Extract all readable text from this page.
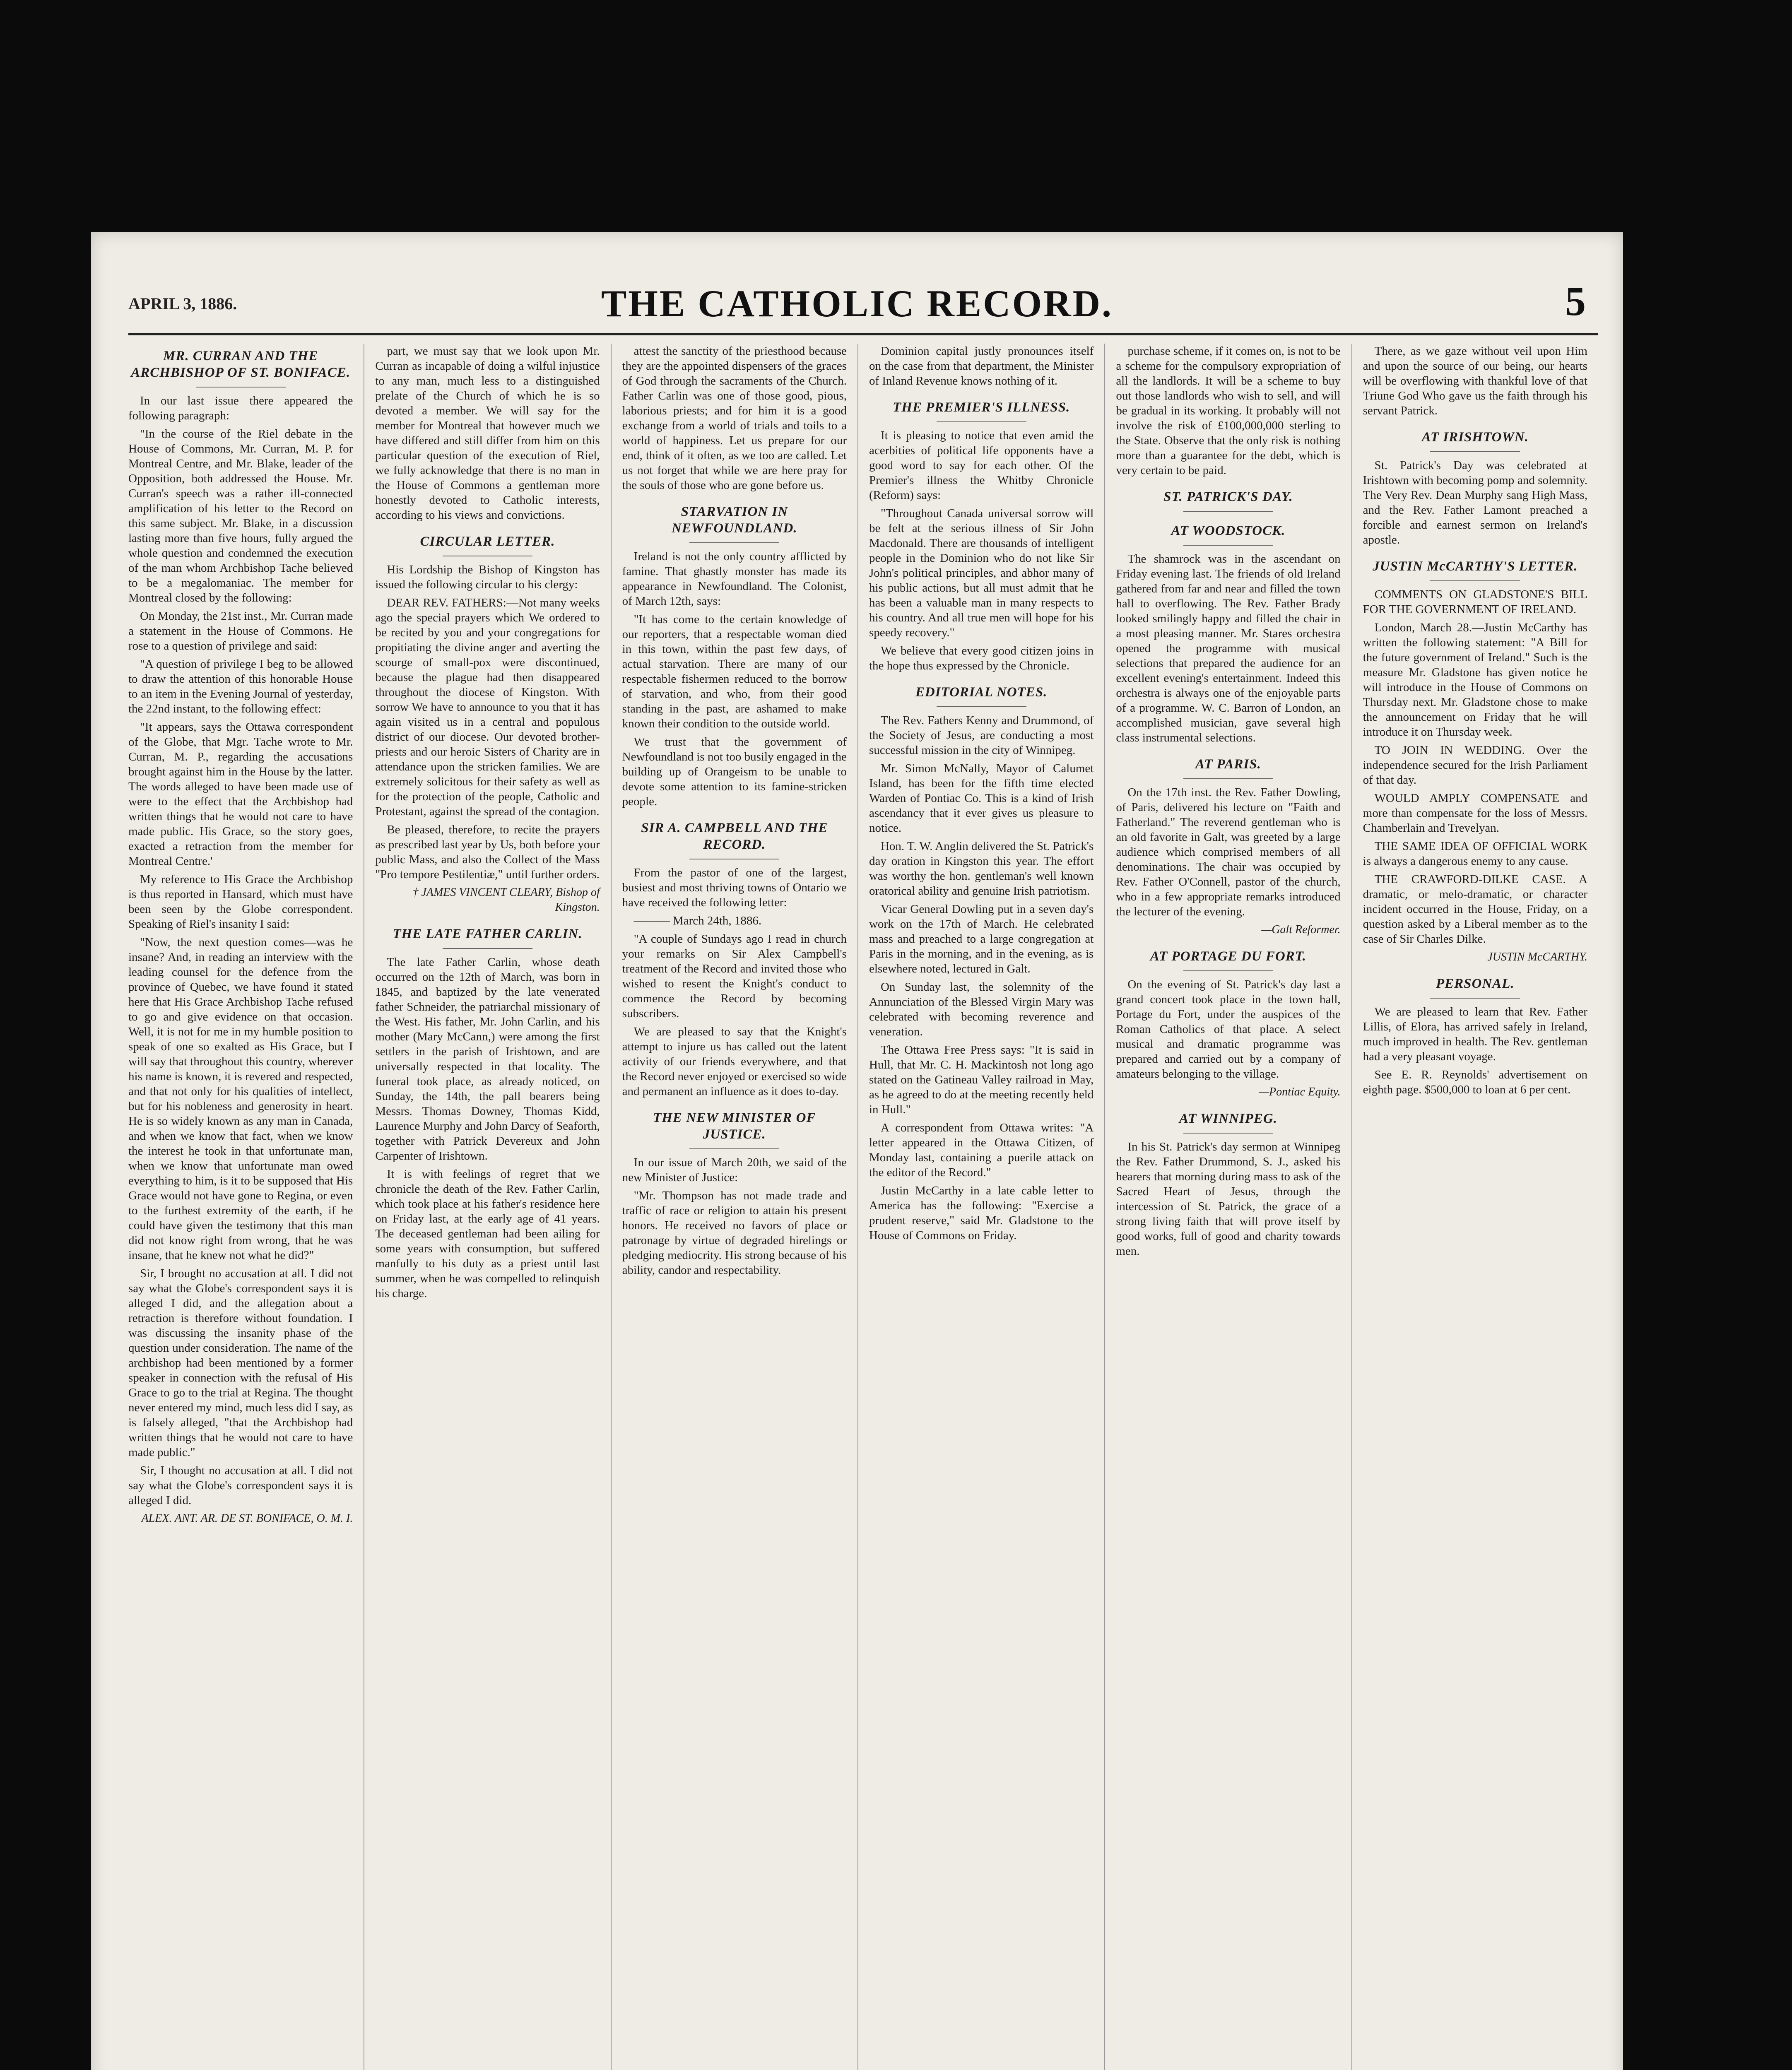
APRIL 3, 1886.	THE CATHOLIC RECORD.	5
MR. CURRAN AND THE ARCHBISHOP OF ST. BONIFACE.

In our last issue there appeared the following paragraph:

"In the course of the Riel debate in the House of Commons, Mr. Curran, M. P. for Montreal Centre, and Mr. Blake, leader of the Opposition, both addressed the House. Mr. Curran's speech was a rather ill-connected amplification of his letter to the Record on this same subject. Mr. Blake, in a discussion lasting more than five hours, fully argued the whole question and condemned the execution of the man whom Archbishop Tache believed to be a megalomaniac. The member for Montreal closed by the following:

On Monday, the 21st inst., Mr. Curran made a statement in the House of Commons. He rose to a question of privilege and said:

"A question of privilege I beg to be allowed to draw the attention of this honorable House to an item in the Evening Journal of yesterday, the 22nd instant, to the following effect:

"It appears, says the Ottawa correspondent of the Globe, that Mgr. Tache wrote to Mr. Curran, M. P., regarding the accusations brought against him in the House by the latter. The words alleged to have been made use of were to the effect that the Archbishop had written things that he would not care to have made public. His Grace, so the story goes, exacted a retraction from the member for Montreal Centre.'

My reference to His Grace the Archbishop is thus reported in Hansard, which must have been seen by the Globe correspondent. Speaking of Riel's insanity I said:

"Now, the next question comes—was he insane? And, in reading an interview with the leading counsel for the defence from the province of Quebec, we have found it stated here that His Grace Archbishop Tache refused to go and give evidence on that occasion. Well, it is not for me in my humble position to speak of one so exalted as His Grace, but I will say that throughout this country, wherever his name is known, it is revered and respected, and that not only for his qualities of intellect, but for his nobleness and generosity in heart. He is so widely known as any man in Canada, and when we know that fact, when we know the interest he took in that unfortunate man, when we know that unfortunate man owed everything to him, is it to be supposed that His Grace would not have gone to Regina, or even to the furthest extremity of the earth, if he could have given the testimony that this man did not know right from wrong, that he was insane, that he knew not what he did?"

Sir, I brought no accusation at all. I did not say what the Globe's correspondent says it is alleged I did, and the allegation about a retraction is therefore without foundation. I was discussing the insanity phase of the question under consideration. The name of the archbishop had been mentioned by a former speaker in connection with the refusal of His Grace to go to the trial at Regina. The thought never entered my mind, much less did I say, as is falsely alleged, "that the Archbishop had written things that he would not care to have made public."

Sir, I thought no accusation at all. I did not say what the Globe's correspondent says it is alleged I did.

ALEX. ANT. AR. DE ST. BONIFACE, O. M. I.

part, we must say that we look upon Mr. Curran as incapable of doing a wilful injustice to any man, much less to a distinguished prelate of the Church of which he is so devoted a member. We will say for the member for Montreal that however much we have differed and still differ from him on this particular question of the execution of Riel, we fully acknowledge that there is no man in the House of Commons a gentleman more honestly devoted to Catholic interests, according to his views and convictions.

CIRCULAR LETTER.

His Lordship the Bishop of Kingston has issued the following circular to his clergy:

DEAR REV. FATHERS:—Not many weeks ago the special prayers which We ordered to be recited by you and your congregations for propitiating the divine anger and averting the scourge of small-pox were discontinued, because the plague had then disappeared throughout the diocese of Kingston. With sorrow We have to announce to you that it has again visited us in a central and populous district of our diocese. Our devoted brother-priests and our heroic Sisters of Charity are in attendance upon the stricken families. We are extremely solicitous for their safety as well as for the protection of the people, Catholic and Protestant, against the spread of the contagion.

Be pleased, therefore, to recite the prayers as prescribed last year by Us, both before your public Mass, and also the Collect of the Mass "Pro tempore Pestilentiæ," until further orders.

† JAMES VINCENT CLEARY, Bishop of Kingston.
THE LATE FATHER CARLIN.

The late Father Carlin, whose death occurred on the 12th of March, was born in 1845, and baptized by the late venerated father Schneider, the patriarchal missionary of the West. His father, Mr. John Carlin, and his mother (Mary McCann,) were among the first settlers in the parish of Irishtown, and are universally respected in that locality. The funeral took place, as already noticed, on Sunday, the 14th, the pall bearers being Messrs. Thomas Downey, Thomas Kidd, Laurence Murphy and John Darcy of Seaforth, together with Patrick Devereux and John Carpenter of Irishtown.

It is with feelings of regret that we chronicle the death of the Rev. Father Carlin, which took place at his father's residence here on Friday last, at the early age of 41 years. The deceased gentleman had been ailing for some years with consumption, but suffered manfully to his duty as a priest until last summer, when he was compelled to relinquish his charge.

attest the sanctity of the priesthood because they are the appointed dispensers of the graces of God through the sacraments of the Church. Father Carlin was one of those good, pious, laborious priests; and for him it is a good exchange from a world of trials and toils to a world of happiness. Let us prepare for our end, think of it often, as we too are called. Let us not forget that while we are here pray for the souls of those who are gone before us.

STARVATION IN NEWFOUNDLAND.

Ireland is not the only country afflicted by famine. That ghastly monster has made its appearance in Newfoundland. The Colonist, of March 12th, says:

"It has come to the certain knowledge of our reporters, that a respectable woman died in this town, within the past few days, of actual starvation. There are many of our respectable fishermen reduced to the borrow of starvation, and who, from their good standing in the past, are ashamed to make known their condition to the outside world.

We trust that the government of Newfoundland is not too busily engaged in the building up of Orangeism to be unable to devote some attention to its famine-stricken people.

SIR A. CAMPBELL AND THE RECORD.

From the pastor of one of the largest, busiest and most thriving towns of Ontario we have received the following letter:

——— March 24th, 1886.

"A couple of Sundays ago I read in church your remarks on Sir Alex Campbell's treatment of the Record and invited those who wished to resent the Knight's conduct to commence the Record by becoming subscribers.

We are pleased to say that the Knight's attempt to injure us has called out the latent activity of our friends everywhere, and that the Record never enjoyed or exercised so wide and permanent an influence as it does to-day.

THE NEW MINISTER OF JUSTICE.

In our issue of March 20th, we said of the new Minister of Justice:

"Mr. Thompson has not made trade and traffic of race or religion to attain his present honors. He received no favors of place or patronage by virtue of degraded hirelings or pledging mediocrity. His strong because of his ability, candor and respectability.

Dominion capital justly pronounces itself on the case from that department, the Minister of Inland Revenue knows nothing of it.

THE PREMIER'S ILLNESS.

It is pleasing to notice that even amid the acerbities of political life opponents have a good word to say for each other. Of the Premier's illness the Whitby Chronicle (Reform) says:

"Throughout Canada universal sorrow will be felt at the serious illness of Sir John Macdonald. There are thousands of intelligent people in the Dominion who do not like Sir John's political principles, and abhor many of his public actions, but all must admit that he has been a valuable man in many respects to his country. And all true men will hope for his speedy recovery."

We believe that every good citizen joins in the hope thus expressed by the Chronicle.

EDITORIAL NOTES.

The Rev. Fathers Kenny and Drummond, of the Society of Jesus, are conducting a most successful mission in the city of Winnipeg.

Mr. Simon McNally, Mayor of Calumet Island, has been for the fifth time elected Warden of Pontiac Co. This is a kind of Irish ascendancy that it ever gives us pleasure to notice.

Hon. T. W. Anglin delivered the St. Patrick's day oration in Kingston this year. The effort was worthy the hon. gentleman's well known oratorical ability and genuine Irish patriotism.

Vicar General Dowling put in a seven day's work on the 17th of March. He celebrated mass and preached to a large congregation at Paris in the morning, and in the evening, as is elsewhere noted, lectured in Galt.

On Sunday last, the solemnity of the Annunciation of the Blessed Virgin Mary was celebrated with becoming reverence and veneration.

The Ottawa Free Press says: "It is said in Hull, that Mr. C. H. Mackintosh not long ago stated on the Gatineau Valley railroad in May, as he agreed to do at the meeting recently held in Hull."

A correspondent from Ottawa writes: "A letter appeared in the Ottawa Citizen, of Monday last, containing a puerile attack on the editor of the Record."

Justin McCarthy in a late cable letter to America has the following: "Exercise a prudent reserve," said Mr. Gladstone to the House of Commons on Friday.

purchase scheme, if it comes on, is not to be a scheme for the compulsory expropriation of all the landlords. It will be a scheme to buy out those landlords who wish to sell, and will be gradual in its working. It probably will not involve the risk of £100,000,000 sterling to the State. Observe that the only risk is nothing more than a guarantee for the debt, which is very certain to be paid.

ST. PATRICK'S DAY.
AT WOODSTOCK.

The shamrock was in the ascendant on Friday evening last. The friends of old Ireland gathered from far and near and filled the town hall to overflowing. The Rev. Father Brady looked smilingly happy and filled the chair in a most pleasing manner. Mr. Stares orchestra opened the programme with musical selections that prepared the audience for an excellent evening's entertainment. Indeed this orchestra is always one of the enjoyable parts of a programme. W. C. Barron of London, an accomplished musician, gave several high class instrumental selections.

AT PARIS.

On the 17th inst. the Rev. Father Dowling, of Paris, delivered his lecture on "Faith and Fatherland." The reverend gentleman who is an old favorite in Galt, was greeted by a large audience which comprised members of all denominations. The chair was occupied by Rev. Father O'Connell, pastor of the church, who in a few appropriate remarks introduced the lecturer of the evening.

—Galt Reformer.
AT PORTAGE DU FORT.

On the evening of St. Patrick's day last a grand concert took place in the town hall, Portage du Fort, under the auspices of the Roman Catholics of that place. A select musical and dramatic programme was prepared and carried out by a company of amateurs belonging to the village.

—Pontiac Equity.
AT WINNIPEG.

In his St. Patrick's day sermon at Winnipeg the Rev. Father Drummond, S. J., asked his hearers that morning during mass to ask of the Sacred Heart of Jesus, through the intercession of St. Patrick, the grace of a strong living faith that will prove itself by good works, full of good and charity towards men.

There, as we gaze without veil upon Him and upon the source of our being, our hearts will be overflowing with thankful love of that Triune God Who gave us the faith through his servant Patrick.

AT IRISHTOWN.

St. Patrick's Day was celebrated at Irishtown with becoming pomp and solemnity. The Very Rev. Dean Murphy sang High Mass, and the Rev. Father Lamont preached a forcible and earnest sermon on Ireland's apostle.

JUSTIN McCARTHY'S LETTER.

COMMENTS ON GLADSTONE'S BILL FOR THE GOVERNMENT OF IRELAND.

London, March 28.—Justin McCarthy has written the following statement: "A Bill for the future government of Ireland." Such is the measure Mr. Gladstone has given notice he will introduce in the House of Commons on Thursday next. Mr. Gladstone chose to make the announcement on Friday that he will introduce it on Thursday week.

TO JOIN IN WEDDING. Over the independence secured for the Irish Parliament of that day.

WOULD AMPLY COMPENSATE and more than compensate for the loss of Messrs. Chamberlain and Trevelyan.

THE SAME IDEA OF OFFICIAL WORK is always a dangerous enemy to any cause.

THE CRAWFORD-DILKE CASE. A dramatic, or melo-dramatic, or character incident occurred in the House, Friday, on a question asked by a Liberal member as to the case of Sir Charles Dilke.

JUSTIN McCARTHY.
PERSONAL.

We are pleased to learn that Rev. Father Lillis, of Elora, has arrived safely in Ireland, much improved in health. The Rev. gentleman had a very pleasant voyage.

See E. R. Reynolds' advertisement on eighth page. $500,000 to loan at 6 per cent.
